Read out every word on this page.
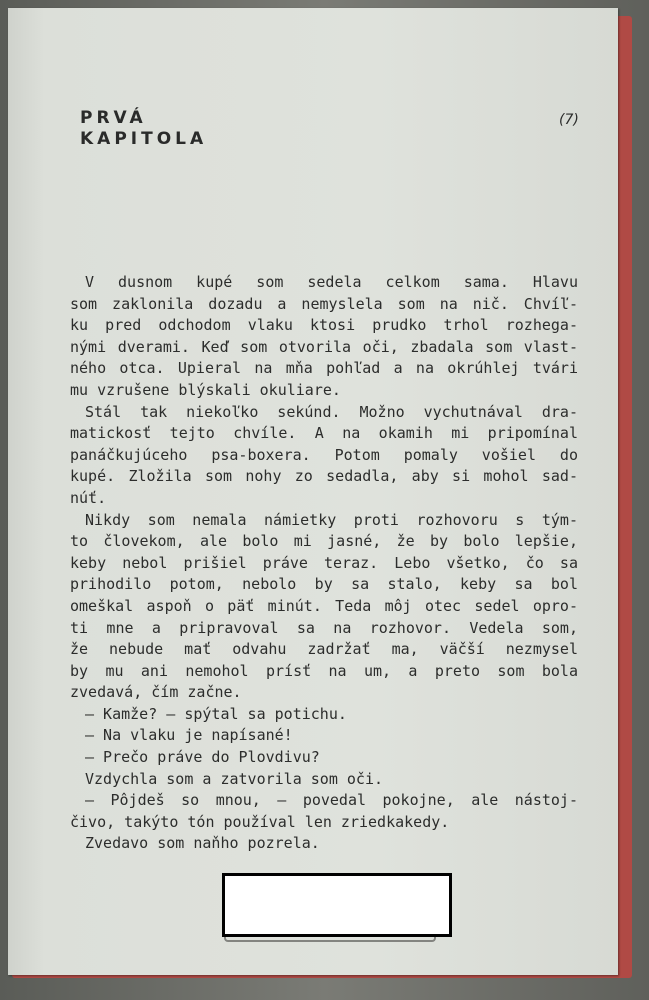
PRVÁ
KAPITOLA
(7)
V dusnom kupé som sedela celkom sama. Hlavu
som zaklonila dozadu a nemyslela som na nič. Chvíľ-
ku pred odchodom vlaku ktosi prudko trhol rozhega-
nými dverami. Keď som otvorila oči, zbadala som vlast-
ného otca. Upieral na mňa pohľad a na okrúhlej tvári
mu vzrušene blýskali okuliare.
Stál tak niekoľko sekúnd. Možno vychutnával dra-
matickosť tejto chvíle. A na okamih mi pripomínal
panáčkujúceho psa-boxera. Potom pomaly vošiel do
kupé. Zložila som nohy zo sedadla, aby si mohol sad-
núť.
Nikdy som nemala námietky proti rozhovoru s tým-
to človekom, ale bolo mi jasné, že by bolo lepšie,
keby nebol prišiel práve teraz. Lebo všetko, čo sa
prihodilo potom, nebolo by sa stalo, keby sa bol
omeškal aspoň o päť minút. Teda môj otec sedel opro-
ti mne a pripravoval sa na rozhovor. Vedela som,
že nebude mať odvahu zadržať ma, väčší nezmysel
by mu ani nemohol prísť na um, a preto som bola
zvedavá, čím začne.
— Kamže? — spýtal sa potichu.
— Na vlaku je napísané!
— Prečo práve do Plovdivu?
Vzdychla som a zatvorila som oči.
— Pôjdeš so mnou, — povedal pokojne, ale nástoj-
čivo, takýto tón používal len zriedkakedy.
Zvedavo som naňho pozrela.
